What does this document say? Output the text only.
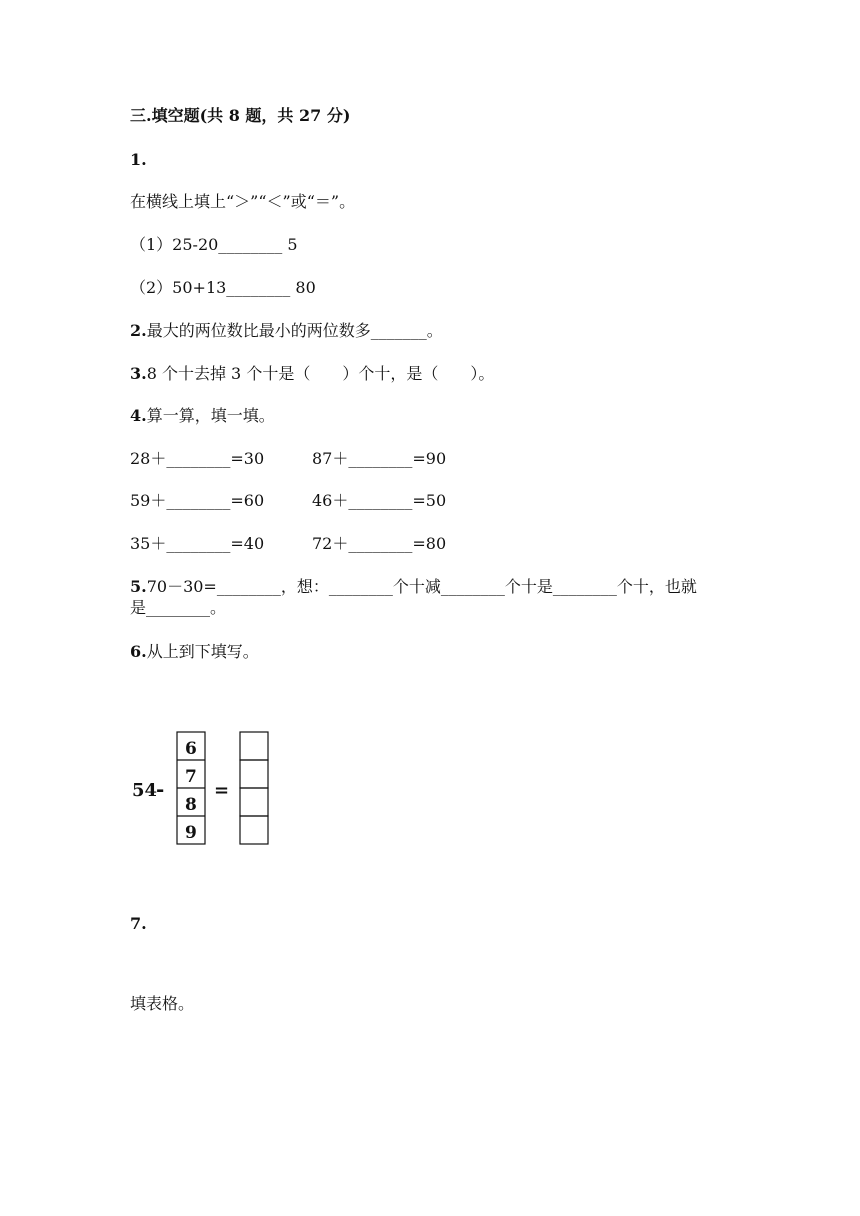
三.填空题(共 8 题，共 27 分)
1.
在横线上填上“＞”“＜”或“＝”。
（1）25-20________ 5
（2）50+13________ 80
2.最大的两位数比最小的两位数多_______。
3.8 个十去掉 3 个十是（　　）个十，是（　　）。
4.算一算，填一填。
28＋________=30	87＋________=90
59＋________=60	46＋________=50
35＋________=40	72＋________=80
5.70－30=________，想：________个十减________个十是________个十，也就
是________。
6.从上到下填写。
54
-
6
7
8
9
=
7.
填表格。
